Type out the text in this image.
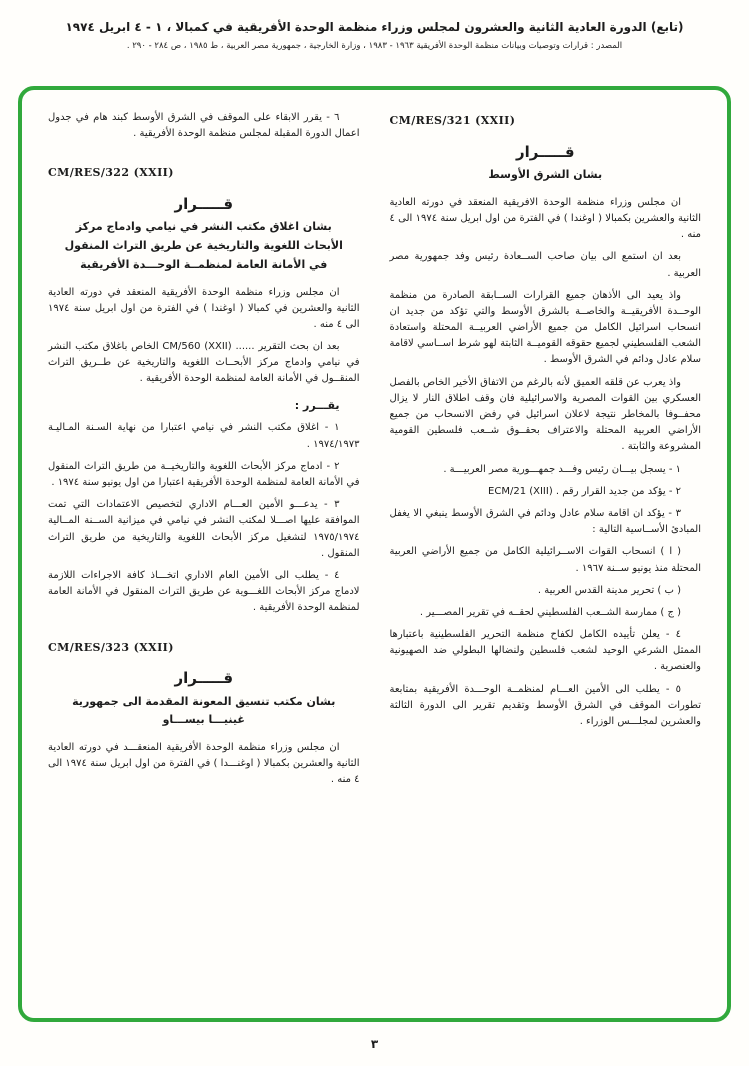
(تابع) الدورة العادية الثانية والعشرون لمجلس وزراء منظمة الوحدة الأفريقية في كمبالا ، ١ - ٤ ابريل ١٩٧٤
المصدر : قرارات وتوصيات وبيانات منظمة الوحدة الأفريقية ١٩٦٣ - ١٩٨٣ ، وزارة الخارجية ، جمهورية مصر العربية ، ط ١٩٨٥ ، ص ٢٨٤ - ٢٩٠ .
CM/RES/321 (XXII)
قـــــرار
بشان الشرق الأوسط

ان مجلس وزراء منظمة الوحدة الافريقية المنعقد في دورته العادية الثانية والعشرين بكمبالا ( اوغندا ) في الفترة من اول ابريل سنة ١٩٧٤ الى ٤ منه .

بعد ان استمع الى بيان صاحب الســعادة رئيس وفد جمهورية مصر العربية .

واذ يعيد الى الأذهان جميع القرارات الســابقة الصادرة من منظمة الوحــدة الأفريقيــة والخاصــة بالشرق الأوسط والتي تؤكد من جديد ان انسحاب اسرائيل الكامل من جميع الأراضي العربيــة المحتلة واستعادة الشعب الفلسطيني لجميع حقوقه القوميــة الثابتة لهو شرط اســاسي لاقامة سلام عادل ودائم في الشرق الأوسط .

واذ يعرب عن قلقه العميق لأنه بالرغم من الاتفاق الأخير الخاص بالفصل العسكري بين القوات المصرية والاسرائيلية فان وقف اطلاق النار لا يزال محفــوفا بالمخاطر نتيجة لاعلان اسرائيل في رفض الانسحاب من جميع الأراضي العربية المحتلة والاعتراف بحقــوق شــعب فلسطين القومية المشروعة والثابتة .

١ - يسجل بيـــان رئيس وفـــد جمهـــورية مصر العربيـــة .

٢ - يؤكد من جديد القرار رقم . ‎ECM/21 (XIII)‎

٣ - يؤكد ان اقامة سلام عادل ودائم في الشرق الأوسط ينبغي الا يغفل المبادئ الأســاسية التالية :

( ا ) انسحاب القوات الاســرائيلية الكامل من جميع الأراضي العربية المحتلة منذ يونيو ســنة ١٩٦٧ .

( ب ) تحرير مدينة القدس العربية .

( ج ) ممارسة الشــعب الفلسطيني لحقــه في تقرير المصـــير .

٤ - يعلن تأييده الكامل لكفاح منظمة التحرير الفلسطينية باعتبارها الممثل الشرعي الوحيد لشعب فلسطين ولنضالها البطولي ضد الصهيونية والعنصرية .

٥ - يطلب الى الأمين العـــام لمنظمــة الوحـــدة الأفريقية بمتابعة تطورات الموقف في الشرق الأوسط وتقديم تقرير الى الدورة الثالثة والعشرين لمجلـــس الوزراء .

٦ - يقرر الابقاء على الموقف في الشرق الأوسط كبند هام في جدول اعمال الدورة المقبلة لمجلس منظمة الوحدة الأفريقية .

CM/RES/322 (XXII)
قـــــرار
بشان اغلاق مكتب النشر في نيامي وادماج مركز الأبحاث اللغوية والتاريخية عن طريق التراث المنقول في الأمانة العامة لمنظمــة الوحـــدة الأفريقية

ان مجلس وزراء منظمة الوحدة الأفريقية المنعقد في دورته العادية الثانية والعشرين في كمبالا ( اوغندا ) في الفترة من اول ابريل سنة ١٩٧٤ الى ٤ منه .

بعد ان بحث التقرير ...... ‎CM/560 (XXII)‎ الخاص باغلاق مكتب النشر في نيامي وادماج مركز الأبحــاث اللغوية والتاريخية عن طــريق التراث المنقــول في الأمانة العامة لمنظمة الوحدة الأفريقية .

يقـــرر :

١ - اغلاق مكتب النشر في نيامي اعتبارا من نهاية السـنة المـاليـة ١٩٧٤/١٩٧٣ .

٢ - ادماج مركز الأبحاث اللغوية والتاريخيــة من طريق التراث المنقول في الأمانة العامة لمنظمة الوحدة الأفريقية اعتبارا من اول يونيو سنة ١٩٧٤ .

٣ - يدعـــو الأمين العـــام الاداري لتخصيص الاعتمادات التي تمت الموافقة عليها اصـــلا لمكتب النشر في نيامي في ميزانية الســنة المــالية ١٩٧٥/١٩٧٤ لتشغيل مركز الأبحاث اللغوية والتاريخية من طريق التراث المنقول .

٤ - يطلب الى الأمين العام الاداري اتخـــاذ كافة الاجراءات اللازمة لادماج مركز الأبحاث اللغـــوية عن طريق التراث المنقول في الأمانة العامة لمنظمة الوحدة الأفريقية .

CM/RES/323 (XXII)
قـــــرار
بشان مكتب تنسيق المعونة المقدمة الى جمهورية غينيـــا بيســـاو

ان مجلس وزراء منظمة الوحدة الأفريقية المنعقـــد في دورته العادية الثانية والعشرين بكمبالا ( اوغنـــدا ) في الفترة من اول ابريل سنة ١٩٧٤ الى ٤ منه .

٣
